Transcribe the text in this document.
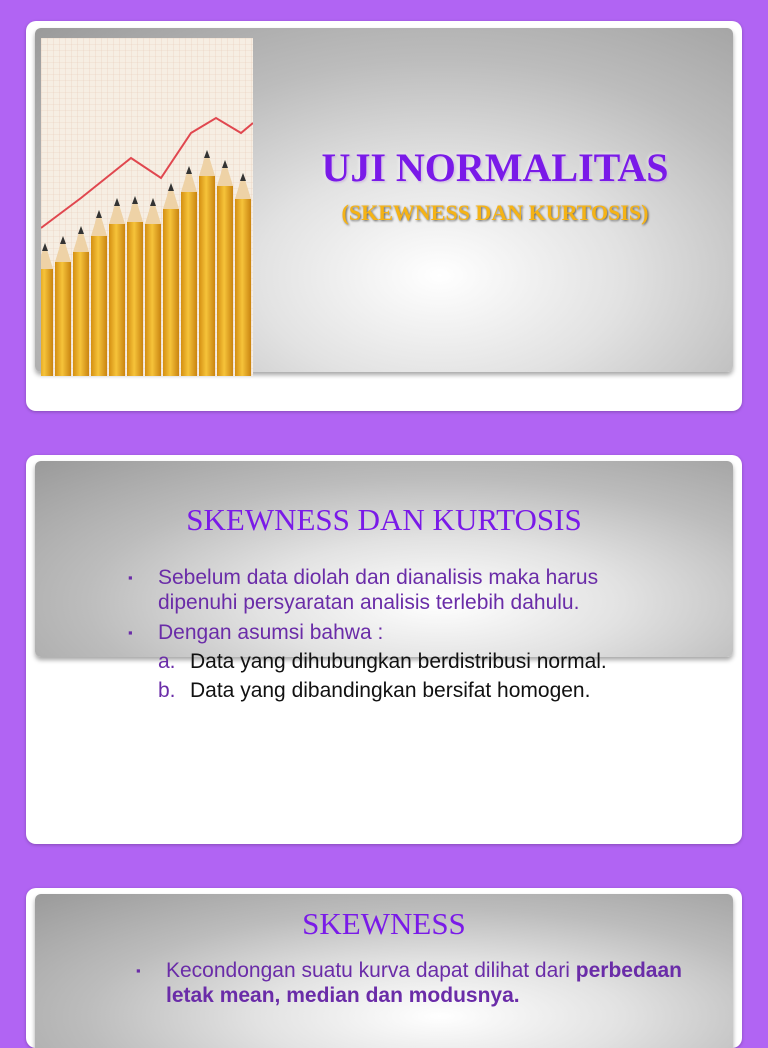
UJI NORMALITAS
(SKEWNESS DAN KURTOSIS)
SKEWNESS DAN KURTOSIS
▪ Sebelum data diolah dan dianalisis maka harus dipenuhi persyaratan analisis terlebih dahulu.
▪ Dengan asumsi bahwa :
a. Data yang dihubungkan berdistribusi normal.
b. Data yang dibandingkan bersifat homogen.
SKEWNESS
▪ Kecondongan suatu kurva dapat dilihat dari perbedaan letak mean, median dan modusnya.
